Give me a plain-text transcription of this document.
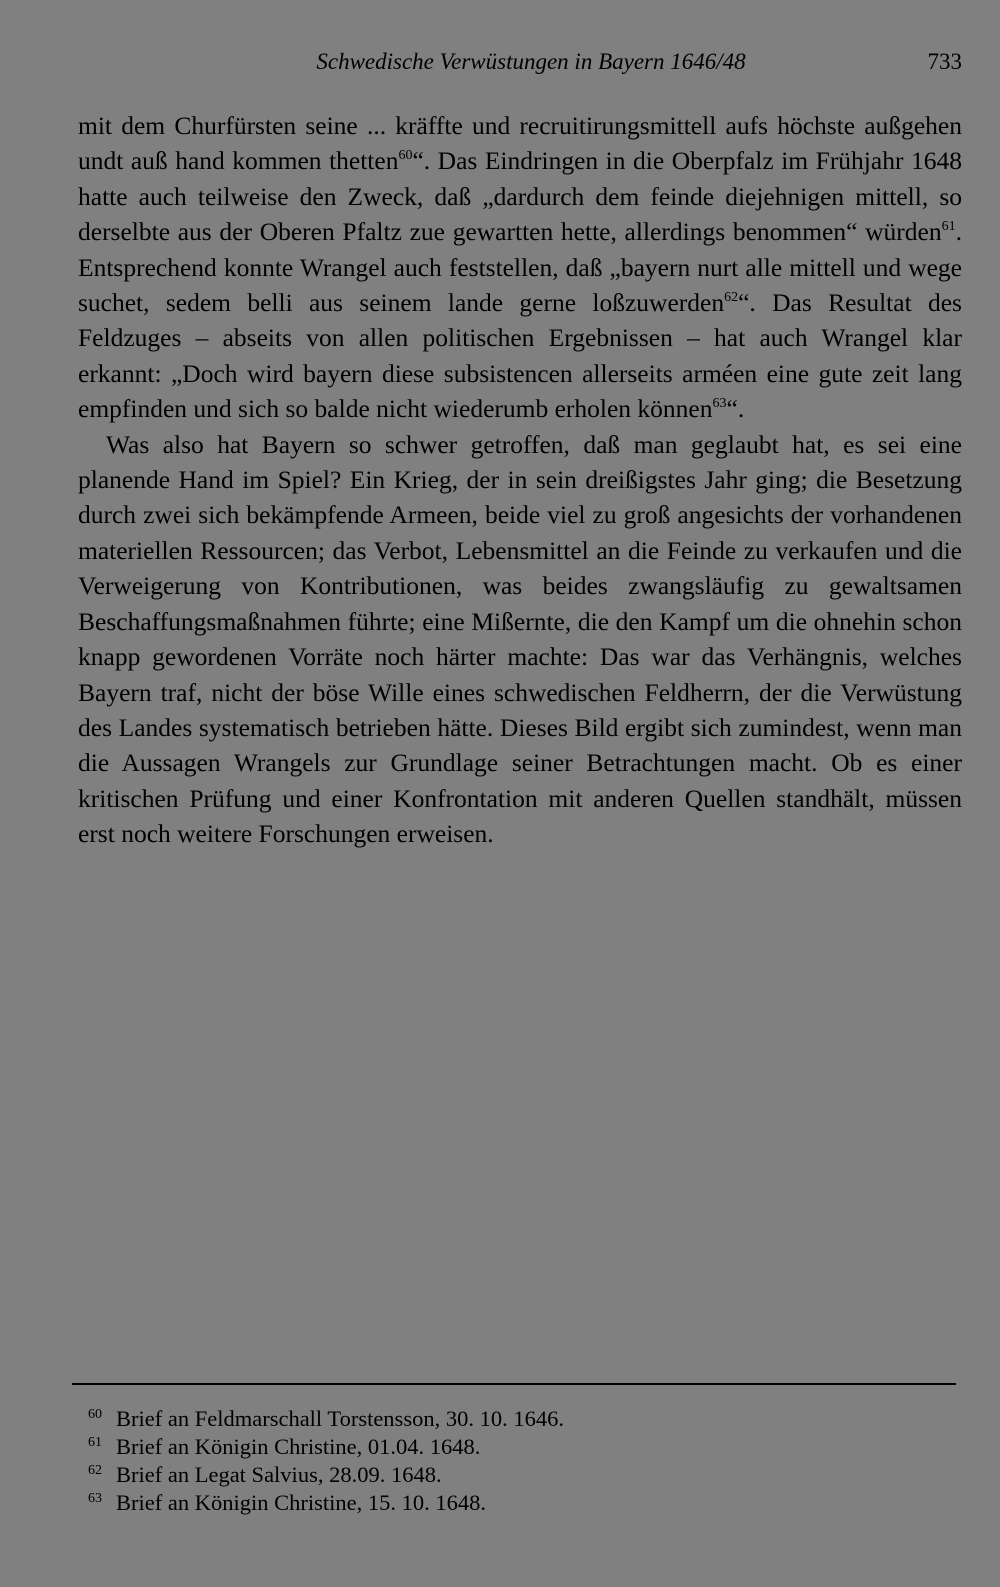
Schwedische Verwüstungen in Bayern 1646/48	733

mit dem Churfürsten seine ... kräffte und recruitirungsmittell aufs höchste außgehen undt auß hand kommen thetten$^{60}$“. Das Eindringen in die Oberpfalz im Frühjahr 1648 hatte auch teilweise den Zweck, daß „dardurch dem feinde diejehnigen mittell, so derselbte aus der Oberen Pfaltz zue gewartten hette, allerdings benommen“ würden$^{61}$. Entsprechend konnte Wrangel auch feststellen, daß „bayern nurt alle mittell und wege suchet, sedem belli aus seinem lande gerne loßzuwerden$^{62}$“. Das Resultat des Feldzuges – abseits von allen politischen Ergebnissen – hat auch Wrangel klar erkannt: „Doch wird bayern diese subsistencen allerseits arméen eine gute zeit lang empfinden und sich so balde nicht wiederumb erholen können$^{63}$“.

Was also hat Bayern so schwer getroffen, daß man geglaubt hat, es sei eine planende Hand im Spiel? Ein Krieg, der in sein dreißigstes Jahr ging; die Besetzung durch zwei sich bekämpfende Armeen, beide viel zu groß angesichts der vorhandenen materiellen Ressourcen; das Verbot, Lebensmittel an die Feinde zu verkaufen und die Verweigerung von Kontributionen, was beides zwangsläufig zu gewaltsamen Beschaffungsmaßnahmen führte; eine Mißernte, die den Kampf um die ohnehin schon knapp gewordenen Vorräte noch härter machte: Das war das Verhängnis, welches Bayern traf, nicht der böse Wille eines schwedischen Feldherrn, der die Verwüstung des Landes systematisch betrieben hätte. Dieses Bild ergibt sich zumindest, wenn man die Aussagen Wrangels zur Grundlage seiner Betrachtungen macht. Ob es einer kritischen Prüfung und einer Konfrontation mit anderen Quellen standhält, müssen erst noch weitere Forschungen erweisen.

60 Brief an Feldmarschall Torstensson, 30. 10. 1646.

61 Brief an Königin Christine, 01.04. 1648.

62 Brief an Legat Salvius, 28.09. 1648.

63 Brief an Königin Christine, 15. 10. 1648.
